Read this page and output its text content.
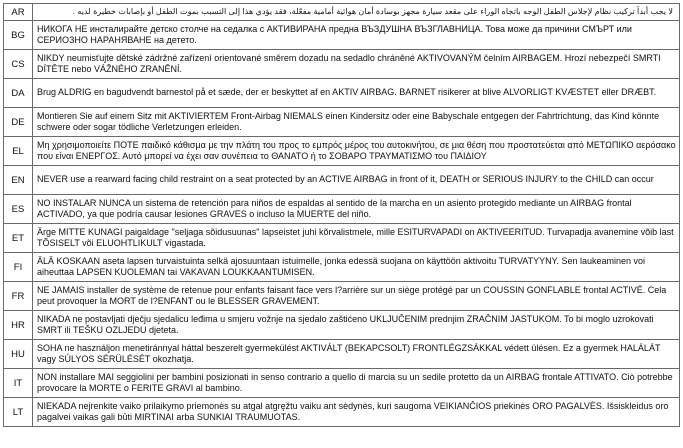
AR	لا يجب أبداً تركيب نظام لإجلاس الطفل الوجه باتجاه الوراء على مقعد سيارة مجهز بوسادة أمان هوائية أمامية مفعّلة، فقد يؤدي هذا إلى التسبب بموت الطفل أو بإصابات خطيرة لديه .

BG	НИКОГА НЕ инсталирайте детско столче на седалка с АКТИВИРАНА предна ВЪЗДУШНА ВЪЗГЛАВНИЦА. Това може да причини СМЪРТ или СЕРИОЗНО НАРАНЯВАНЕ на детето.

CS	NIKDY neumisťujte dětské zádržné zařízení orientované směrem dozadu na sedadlo chráněné AKTIVOVANÝM čelním AIRBAGEM. Hrozí nebezpečí SMRTI DÍTĚTE nebo VÁŽNÉHO ZRANĚNÍ.

DA	Brug ALDRIG en bagudvendt barnestol på et sæde, der er beskyttet af en AKTIV AIRBAG. BARNET risikerer at blive ALVORLIGT KVÆSTET eller DRÆBT.

DE	Montieren Sie auf einem Sitz mit AKTIVIERTEM Front-Airbag NIEMALS einen Kindersitz oder eine Babyschale entgegen der Fahrtrichtung, das Kind könnte schwere oder sogar tödliche Verletzungen erleiden.

EL	Μη χρησιμοποιείτε ΠΟΤΕ παιδικό κάθισμα με την πλάτη του προς το εμπρός μέρος του αυτοκινήτου, σε μια θέση που προστατεύεται από ΜΕΤΩΠΙΚΟ αερόσακο που είναι ΕΝΕΡΓΟΣ. Αυτό μπορεί να έχει σαν συνέπεια το ΘΑΝΑΤΟ ή το ΣΟΒΑΡΟ ΤΡΑΥΜΑΤΙΣΜΟ του ΠΑΙΔΙΟΥ

EN	NEVER use a rearward facing child restraint on a seat protected by an ACTIVE AIRBAG in front of it, DEATH or SERIOUS INJURY to the CHILD can occur

ES	NO INSTALAR NUNCA un sistema de retención para niños de espaldas al sentido de la marcha en un asiento protegido mediante un AIRBAG frontal ACTIVADO, ya que podría causar lesiones GRAVES o incluso la MUERTE del niño.

ET	Ärge MITTE KUNAGI paigaldage "seljaga sõidusuunas" lapseistet juhi kõrvalistmele, mille ESITURVAPADI on AKTIVEERITUD. Turvapadja avanemine võib last TÕSISELT või ELUOHTLIKULT vigastada.

FI	ÄLÄ KOSKAAN aseta lapsen turvaistuinta selkä ajosuuntaan istuimelle, jonka edessä suojana on käyttöön aktivoitu TURVATYYNY. Sen laukeaminen voi aiheuttaa LAPSEN KUOLEMAN tai VAKAVAN LOUKKAANTUMISEN.

FR	NE JAMAIS installer de système de retenue pour enfants faisant face vers l?arrière sur un siège protégé par un COUSSIN GONFLABLE frontal ACTIVÉ. Cela peut provoquer la MORT de l?ENFANT ou le BLESSER GRAVEMENT.

HR	NIKADA ne postavljati dječju sjedalicu leđima u smjeru vožnje na sjedalo zaštićeno UKLJUČENIM prednjim ZRAČNIM JASTUKOM. To bi moglo uzrokovati SMRT ili TEŠKU OZLJEDU djeteta.

HU	SOHA ne használjon menetiránnyal háttal beszerelt gyermekülést AKTIVÁLT (BEKAPCSOLT) FRONTLÉGZSÁKKAL védett ülésen. Ez a gyermek HALÁLÁT vagy SÚLYOS SÉRÜLÉSÉT okozhatja.

IT	NON installare MAI seggiolini per bambini posizionati in senso contrario a quello di marcia su un sedile protetto da un AIRBAG frontale ATTIVATO. Ciò potrebbe provocare la MORTE o FERITE GRAVI al bambino.

LT	NIEKADA nejrenkite vaiko prilaikymo priemonės su atgal atgręžtu vaiku ant sėdynės, kuri saugoma VEIKIANČIOS priekinės ORO PAGALVĖS. Išsiskleidus oro pagalvei vaikas gali būti MIRTINAI arba SUNKIAI TRAUMUOTAS.
